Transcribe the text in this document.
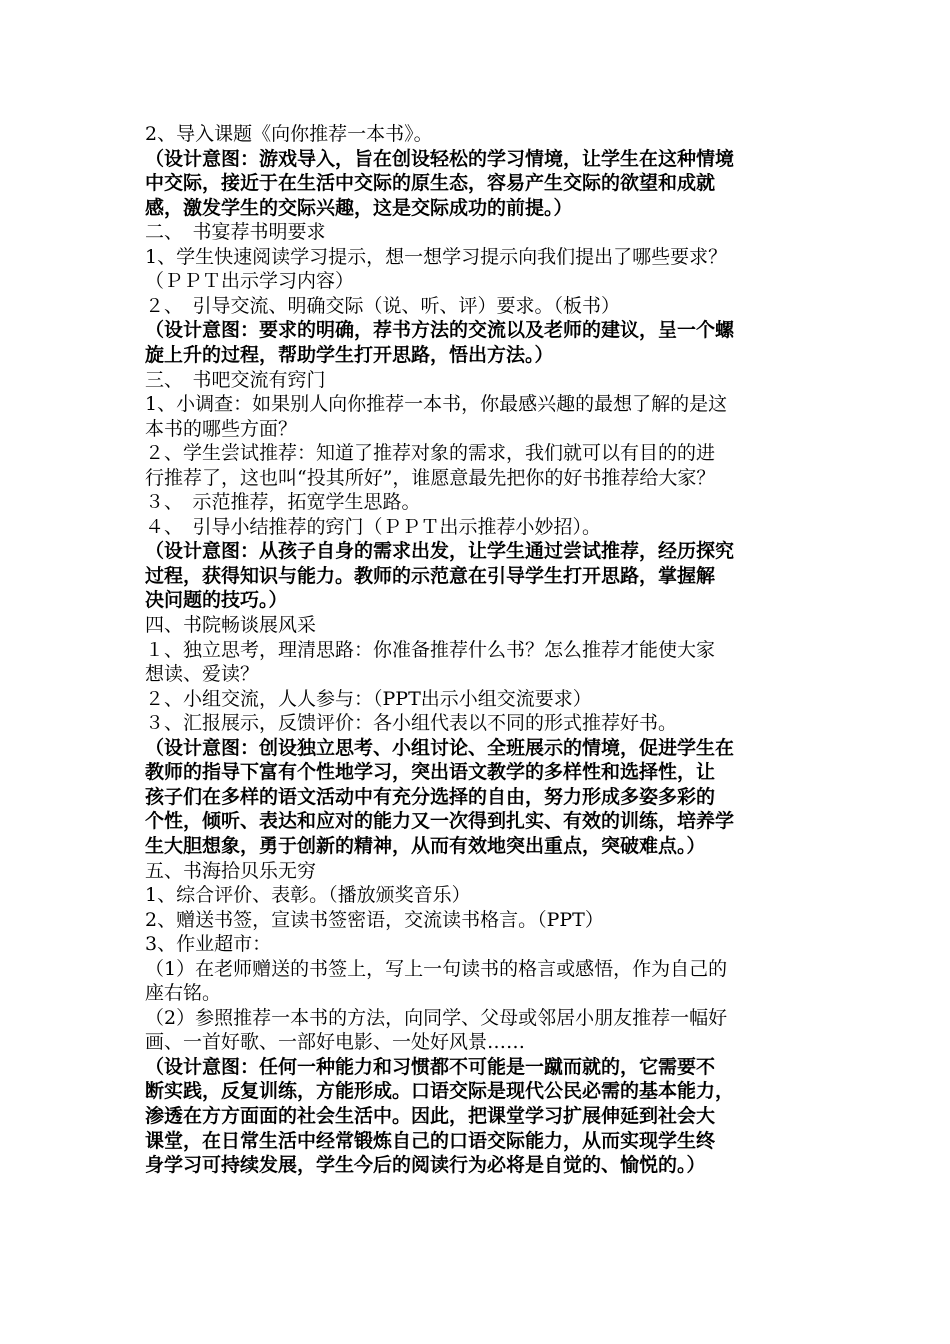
2、导入课题《向你推荐一本书》。
（设计意图：游戏导入，旨在创设轻松的学习情境，让学生在这种情境
中交际，接近于在生活中交际的原生态，容易产生交际的欲望和成就
感，激发学生的交际兴趣，这是交际成功的前提。）
二、　书宴荐书明要求
1、学生快速阅读学习提示，想一想学习提示向我们提出了哪些要求？
（ＰＰＴ出示学习内容）
２、　引导交流、明确交际（说、听、评）要求。（板书）
（设计意图：要求的明确，荐书方法的交流以及老师的建议，呈一个螺
旋上升的过程，帮助学生打开思路，悟出方法。）
三、　书吧交流有窍门
1、小调查：如果别人向你推荐一本书，你最感兴趣的最想了解的是这
本书的哪些方面？
２、学生尝试推荐：知道了推荐对象的需求，我们就可以有目的的进
行推荐了，这也叫“投其所好”，谁愿意最先把你的好书推荐给大家？
３、　示范推荐，拓宽学生思路。
４、　引导小结推荐的窍门（ＰＰＴ出示推荐小妙招）。
（设计意图：从孩子自身的需求出发，让学生通过尝试推荐，经历探究
过程，获得知识与能力。教师的示范意在引导学生打开思路，掌握解
决问题的技巧。）
四、书院畅谈展风采
１、独立思考，理清思路：你准备推荐什么书？怎么推荐才能使大家
想读、爱读？
２、小组交流，人人参与：（PPT出示小组交流要求）
３、汇报展示，反馈评价：各小组代表以不同的形式推荐好书。
（设计意图：创设独立思考、小组讨论、全班展示的情境，促进学生在
教师的指导下富有个性地学习，突出语文教学的多样性和选择性，让
孩子们在多样的语文活动中有充分选择的自由，努力形成多姿多彩的
个性，倾听、表达和应对的能力又一次得到扎实、有效的训练，培养学
生大胆想象，勇于创新的精神，从而有效地突出重点，突破难点。）
五、书海拾贝乐无穷
1、综合评价、表彰。（播放颁奖音乐）
2、赠送书签，宣读书签密语，交流读书格言。（PPT）
3、作业超市：
（1）在老师赠送的书签上，写上一句读书的格言或感悟，作为自己的
座右铭。
（2）参照推荐一本书的方法，向同学、父母或邻居小朋友推荐一幅好
画、一首好歌、一部好电影、一处好风景……
（设计意图：任何一种能力和习惯都不可能是一蹴而就的，它需要不
断实践，反复训练，方能形成。口语交际是现代公民必需的基本能力，
渗透在方方面面的社会生活中。因此，把课堂学习扩展伸延到社会大
课堂，在日常生活中经常锻炼自己的口语交际能力，从而实现学生终
身学习可持续发展，学生今后的阅读行为必将是自觉的、愉悦的。）
